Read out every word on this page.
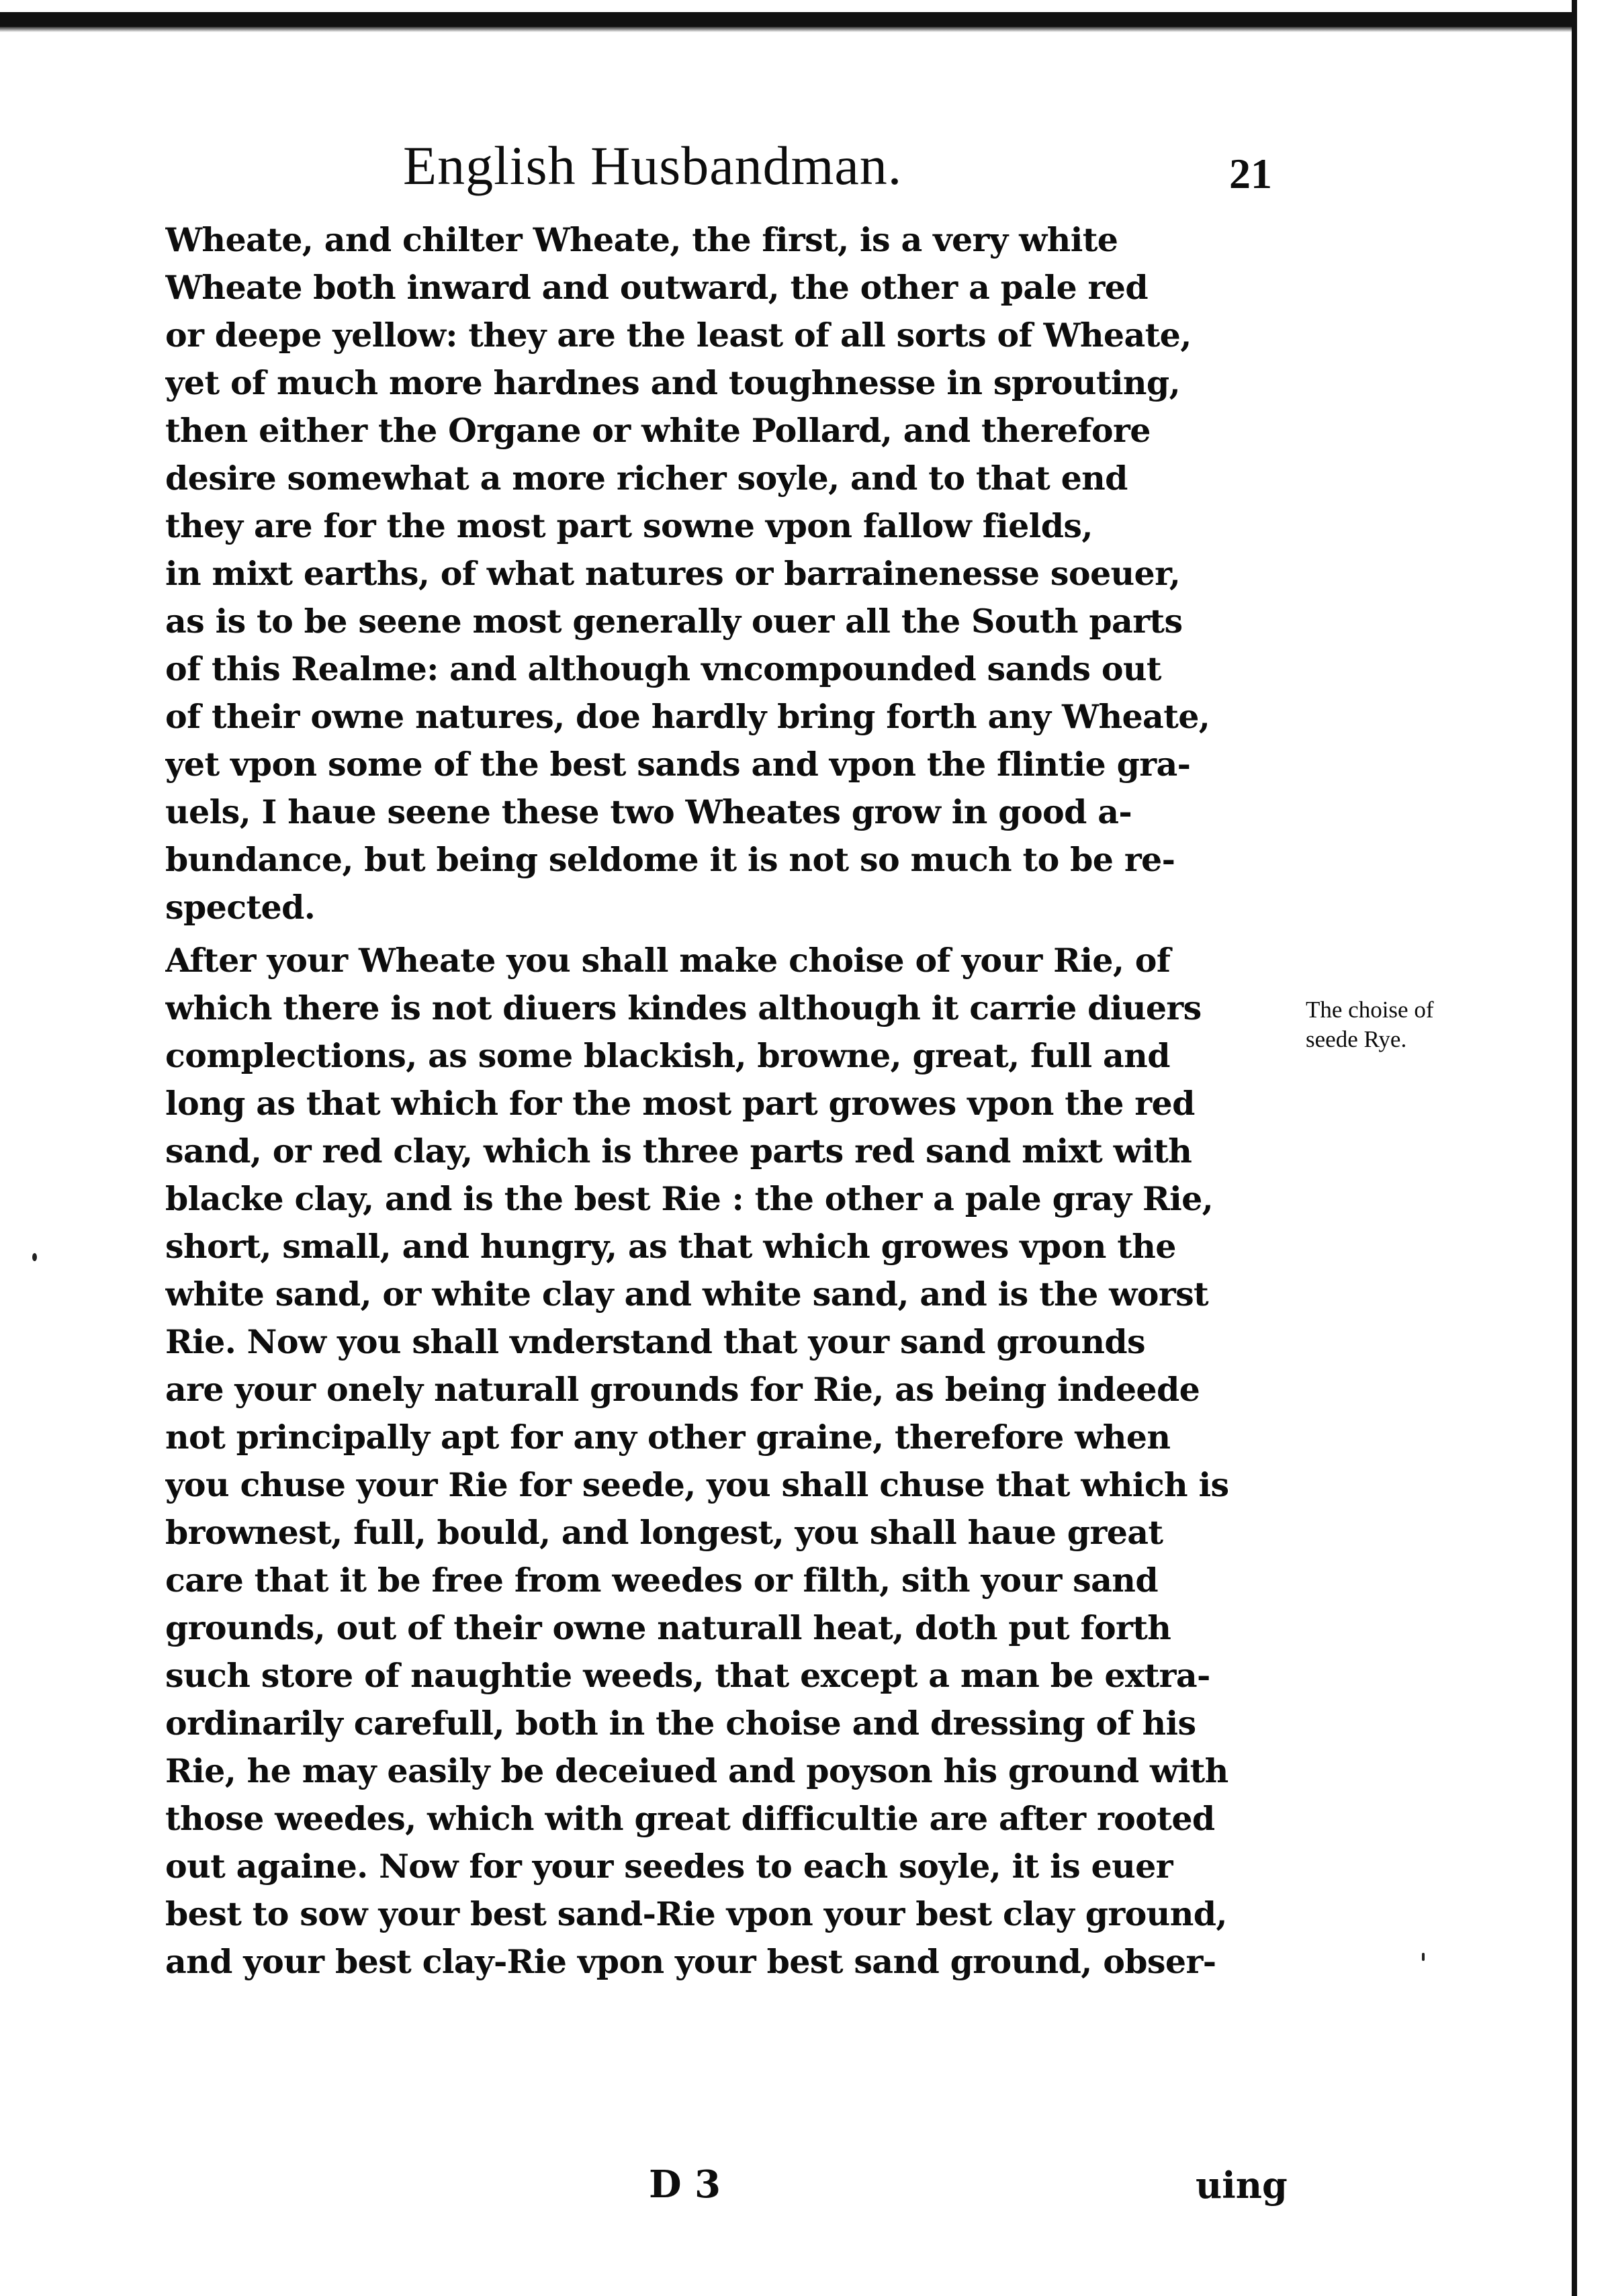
English Husbandman.	21
Wheate, and chilter Wheate, the first, is a very white
Wheate both inward and outward, the other a pale red
or deepe yellow: they are the least of all sorts of Wheate,
yet of much more hardnes and toughnesse in sprouting,
then either the Organe or white Pollard, and therefore
desire somewhat a more richer soyle, and to that end
they are for the most part sowne vpon fallow fields,
in mixt earths, of what natures or barrainenesse soeuer,
as is to be seene most generally ouer all the South parts
of this Realme: and although vncompounded sands out
of their owne natures, doe hardly bring forth any Wheate,
yet vpon some of the best sands and vpon the flintie gra-
uels, I haue seene these two Wheates grow in good a-
bundance, but being seldome it is not so much to be re-
spected.
After your Wheate you shall make choise of your Rie, of
which there is not diuers kindes although it carrie diuers
complections, as some blackish, browne, great, full and
long as that which for the most part growes vpon the red
sand, or red clay, which is three parts red sand mixt with
blacke clay, and is the best Rie : the other a pale gray Rie,
short, small, and hungry, as that which growes vpon the
white sand, or white clay and white sand, and is the worst
Rie. Now you shall vnderstand that your sand grounds
are your onely naturall grounds for Rie, as being indeede
not principally apt for any other graine, therefore when
you chuse your Rie for seede, you shall chuse that which is
brownest, full, bould, and longest, you shall haue great
care that it be free from weedes or filth, sith your sand
grounds, out of their owne naturall heat, doth put forth
such store of naughtie weeds, that except a man be extra-
ordinarily carefull, both in the choise and dressing of his
Rie, he may easily be deceiued and poyson his ground with
those weedes, which with great difficultie are after rooted
out againe. Now for your seedes to each soyle, it is euer
best to sow your best sand-Rie vpon your best clay ground,
and your best clay-Rie vpon your best sand ground, obser-
The choise of
seede Rye.
D 3	uing
